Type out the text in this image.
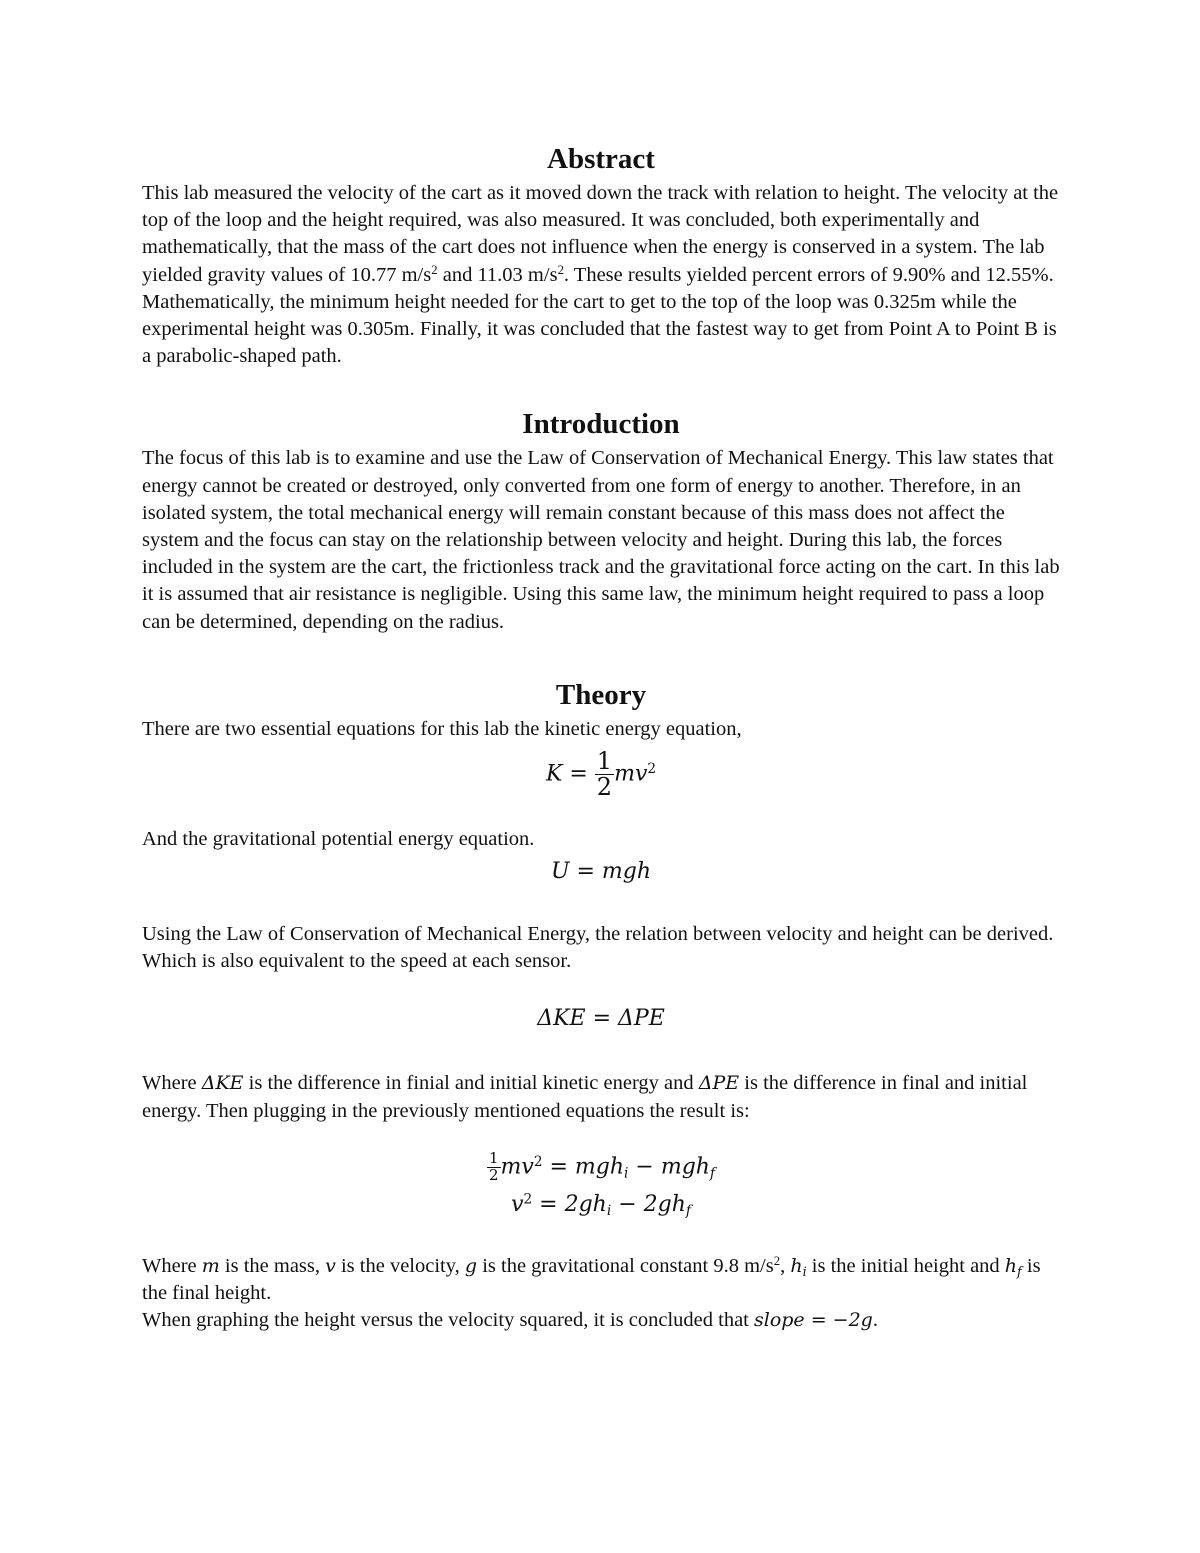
Abstract

This lab measured the velocity of the cart as it moved down the track with relation to height. The velocity at the top of the loop and the height required, was also measured. It was concluded, both experimentally and mathematically, that the mass of the cart does not influence when the energy is conserved in a system. The lab yielded gravity values of 10.77 $m/s^2$ and 11.03 $m/s^2$. These results yielded percent errors of 9.90% and 12.55%. Mathematically, the minimum height needed for the cart to get to the top of the loop was 0.325m while the experimental height was 0.305m. Finally, it was concluded that the fastest way to get from Point A to Point B is a parabolic-shaped path.

Introduction

The focus of this lab is to examine and use the Law of Conservation of Mechanical Energy. This law states that energy cannot be created or destroyed, only converted from one form of energy to another. Therefore, in an isolated system, the total mechanical energy will remain constant because of this mass does not affect the system and the focus can stay on the relationship between velocity and height. During this lab, the forces included in the system are the cart, the frictionless track and the gravitational force acting on the cart. In this lab it is assumed that air resistance is negligible. Using this same law, the minimum height required to pass a loop can be determined, depending on the radius.

Theory

There are two essential equations for this lab the kinetic energy equation,

$K = \frac{1}{2} mv^2$

And the gravitational potential energy equation.

U = mgh

Using the Law of Conservation of Mechanical Energy, the relation between velocity and height can be derived. Which is also equivalent to the speed at each sensor.

ΔKE = ΔPE

Where ΔKE is the difference in finial and initial kinetic energy and ΔPE is the difference in final and initial energy. Then plugging in the previously mentioned equations the result is:

$\frac{1}{2} mv^2 = mgh_i - mgh_f$
$v^2 = 2gh_i - 2gh_f$

Where m is the mass, v is the velocity, g is the gravitational constant 9.8 $m/s^2$, $h_i$ is the initial height and $h_f$ is the final height.

When graphing the height versus the velocity squared, it is concluded that slope = −2g.
